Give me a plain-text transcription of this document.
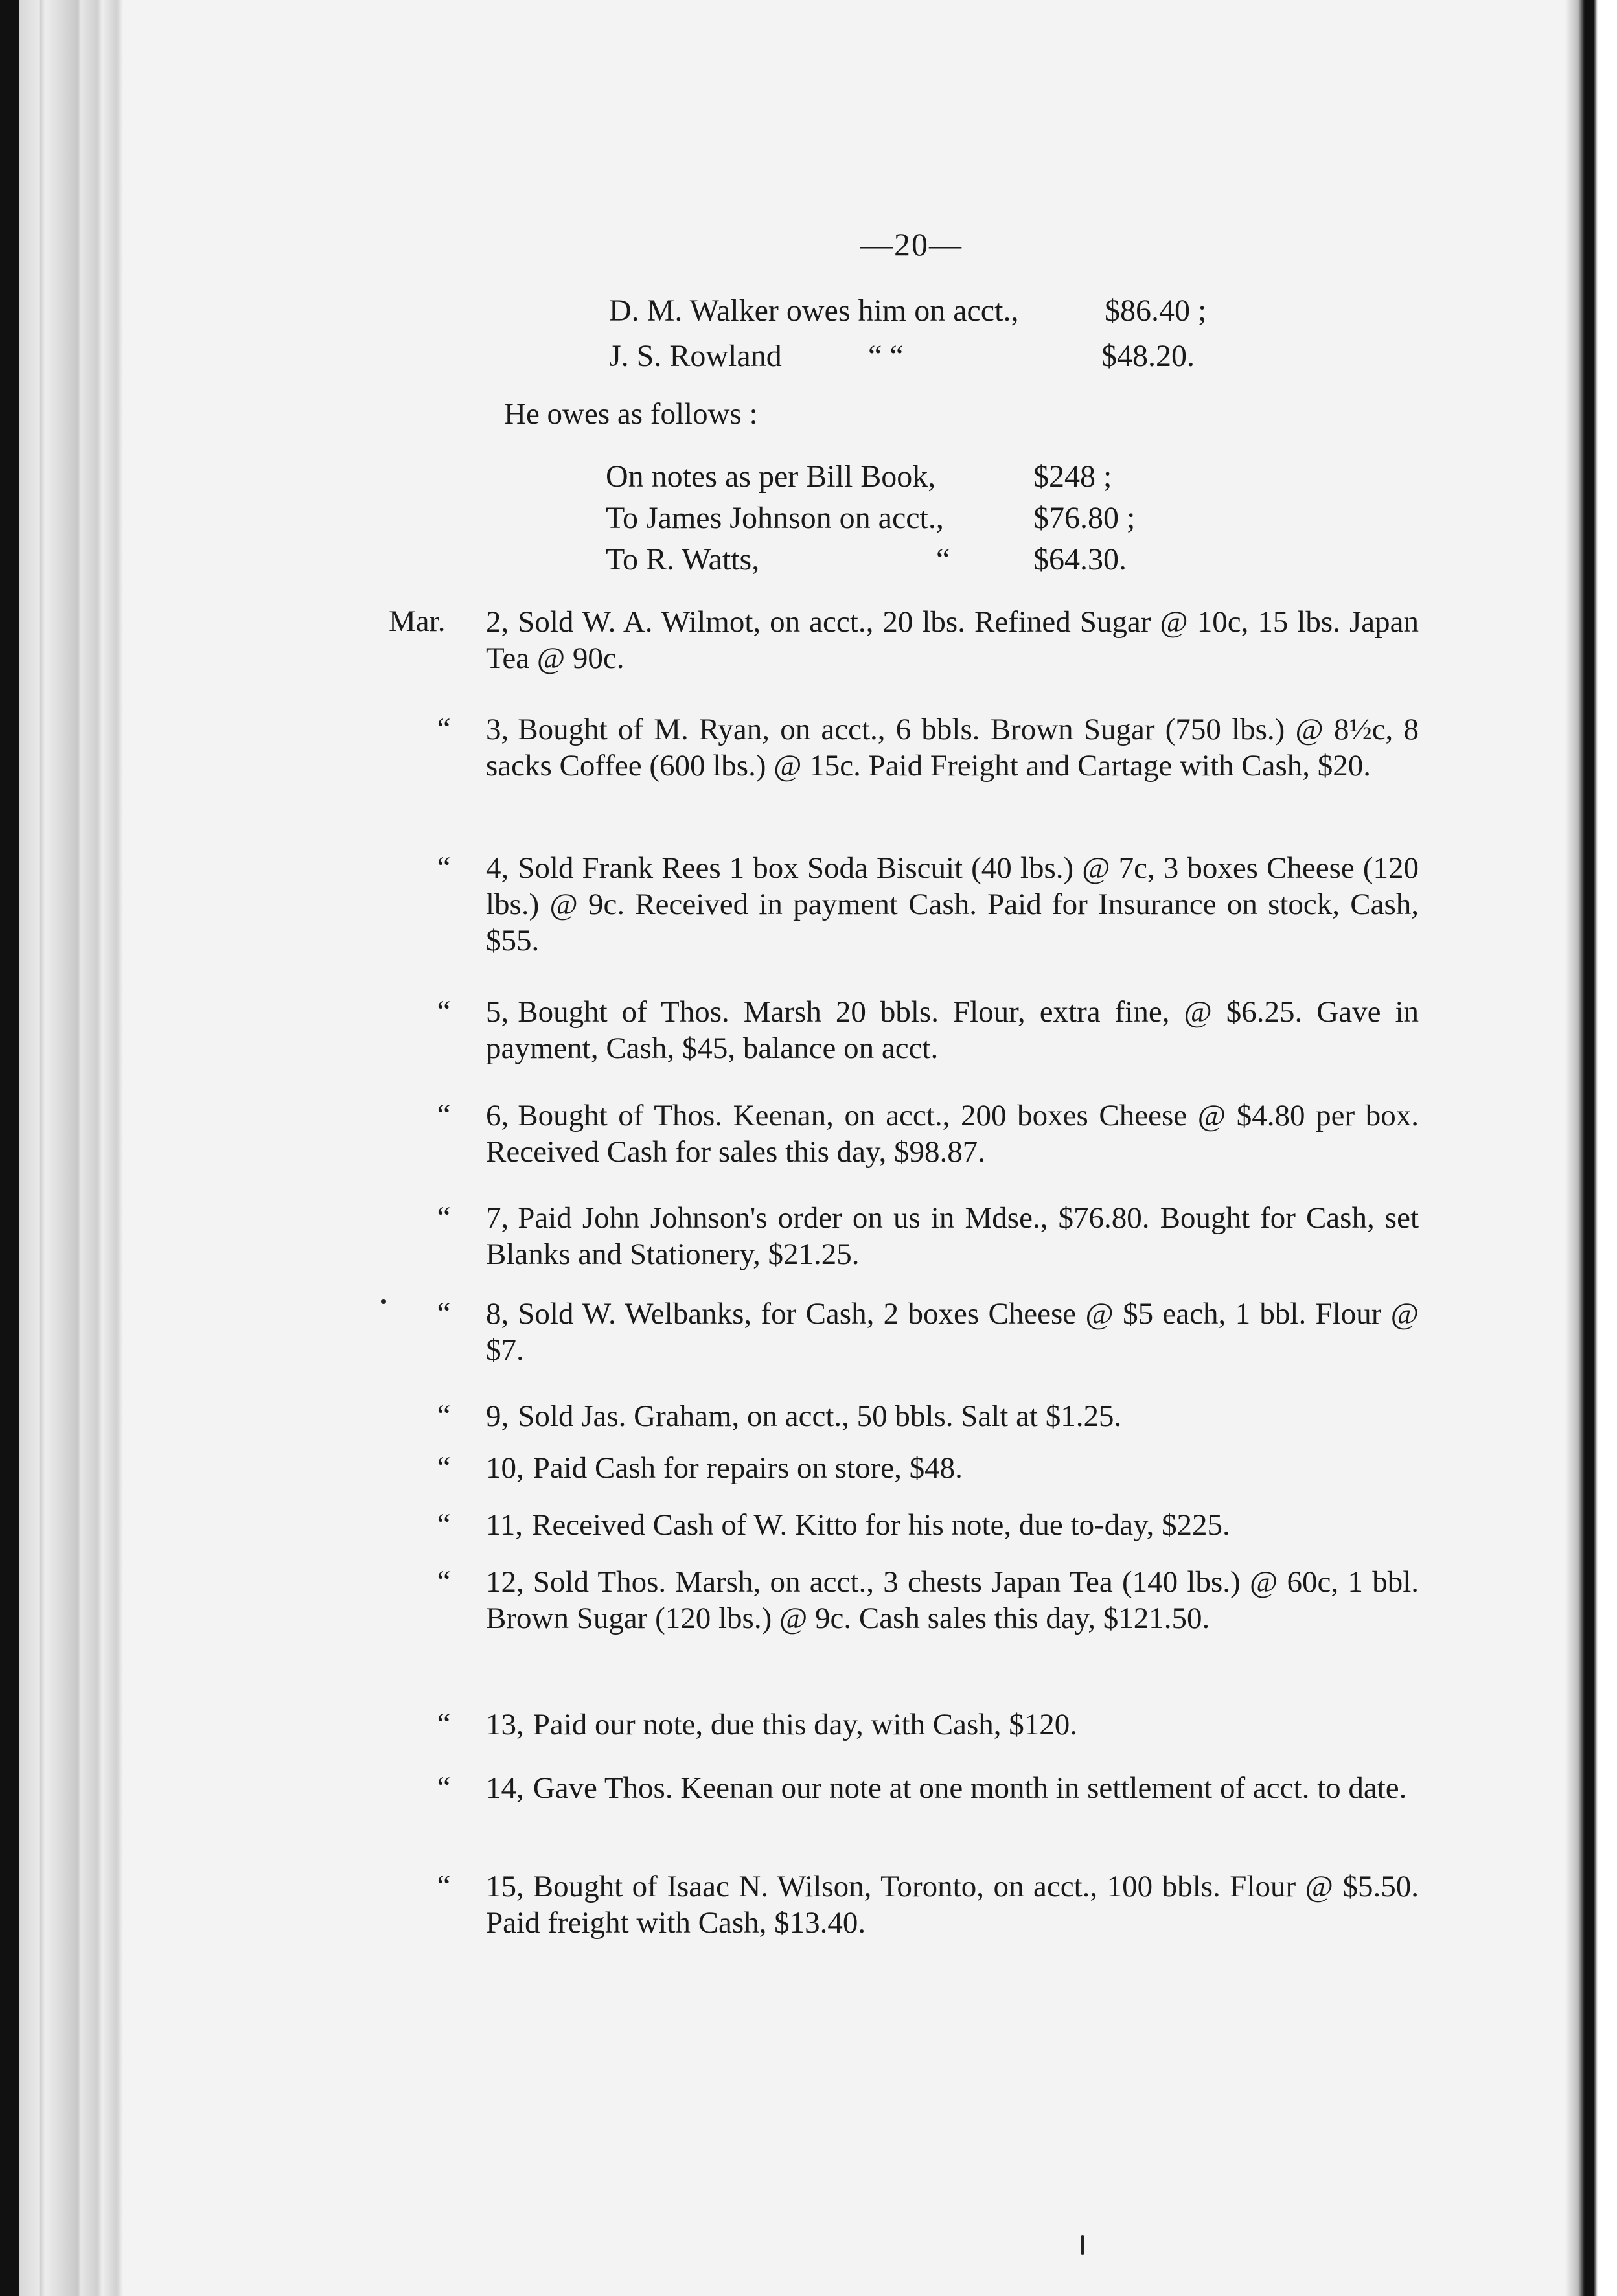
—20—
D. M. Walker owes him on acct.,	$86.40 ;
J. S. Rowland	“ “	$48.20.
He owes as follows :
On notes as per Bill Book,	$248 ;
To James Johnson on acct.,	$76.80 ;
To R. Watts,	“	$64.30.
Mar.	2, Sold W. A. Wilmot, on acct., 20 lbs. Refined Sugar @ 10c, 15 lbs. Japan Tea @ 90c.
“	3, Bought of M. Ryan, on acct., 6 bbls. Brown Sugar (750 lbs.) @ 8½c, 8 sacks Coffee (600 lbs.) @ 15c. Paid Freight and Cartage with Cash, $20.
“	4, Sold Frank Rees 1 box Soda Biscuit (40 lbs.) @ 7c, 3 boxes Cheese (120 lbs.) @ 9c. Received in payment Cash. Paid for Insurance on stock, Cash, $55.
“	5, Bought of Thos. Marsh 20 bbls. Flour, extra fine, @ $6.25. Gave in payment, Cash, $45, balance on acct.
“	6, Bought of Thos. Keenan, on acct., 200 boxes Cheese @ $4.80 per box. Received Cash for sales this day, $98.87.
“	7, Paid John Johnson's order on us in Mdse., $76.80. Bought for Cash, set Blanks and Stationery, $21.25.
“	8, Sold W. Welbanks, for Cash, 2 boxes Cheese @ $5 each, 1 bbl. Flour @ $7.
“	9, Sold Jas. Graham, on acct., 50 bbls. Salt at $1.25.
“	10, Paid Cash for repairs on store, $48.
“	11, Received Cash of W. Kitto for his note, due to-day, $225.
“	12, Sold Thos. Marsh, on acct., 3 chests Japan Tea (140 lbs.) @ 60c, 1 bbl. Brown Sugar (120 lbs.) @ 9c. Cash sales this day, $121.50.
“	13, Paid our note, due this day, with Cash, $120.
“	14, Gave Thos. Keenan our note at one month in settlement of acct. to date.
“	15, Bought of Isaac N. Wilson, Toronto, on acct., 100 bbls. Flour @ $5.50. Paid freight with Cash, $13.40.
